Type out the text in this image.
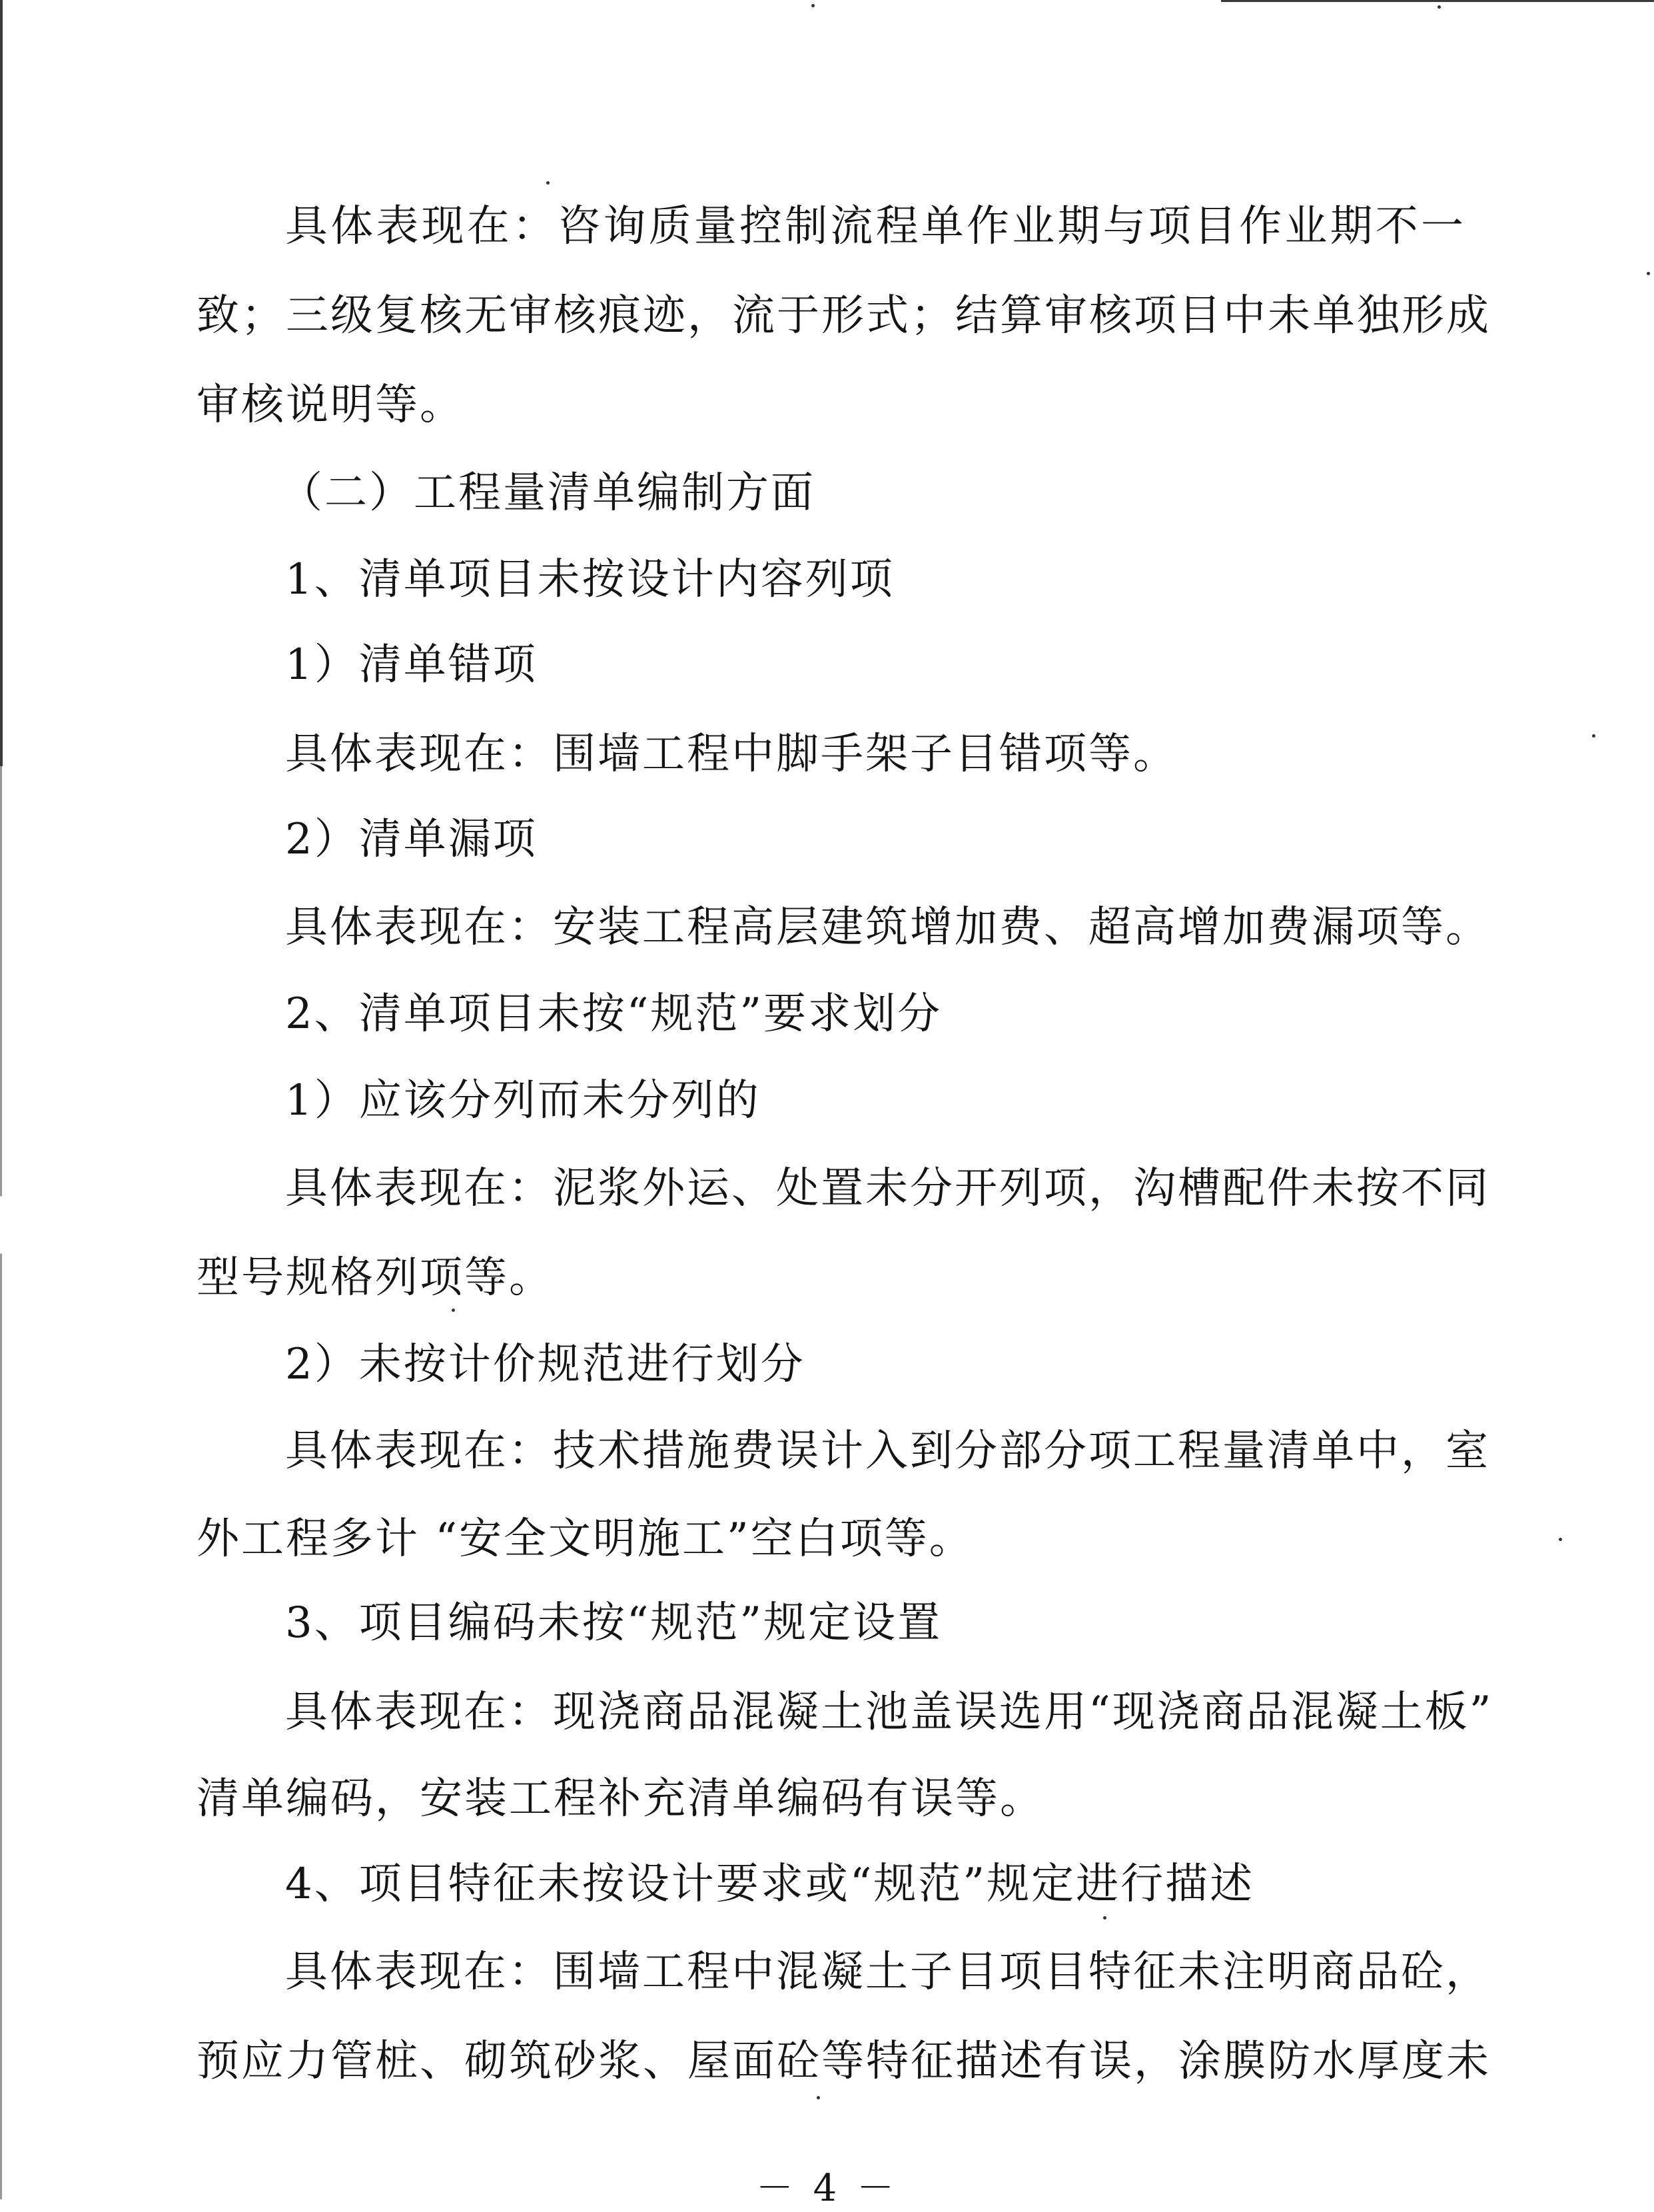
具体表现在：咨询质量控制流程单作业期与项目作业期不一
致；三级复核无审核痕迹，流于形式；结算审核项目中未单独形成
审核说明等。
（二）工程量清单编制方面
1、清单项目未按设计内容列项
1）清单错项
具体表现在：围墙工程中脚手架子目错项等。
2）清单漏项
具体表现在：安装工程高层建筑增加费、超高增加费漏项等。
2、清单项目未按“规范”要求划分
1）应该分列而未分列的
具体表现在：泥浆外运、处置未分开列项，沟槽配件未按不同
型号规格列项等。
2）未按计价规范进行划分
具体表现在：技术措施费误计入到分部分项工程量清单中，室
外工程多计 “安全文明施工”空白项等。
3、项目编码未按“规范”规定设置
具体表现在：现浇商品混凝土池盖误选用“现浇商品混凝土板”
清单编码，安装工程补充清单编码有误等。
4、项目特征未按设计要求或“规范”规定进行描述
具体表现在：围墙工程中混凝土子目项目特征未注明商品砼，
预应力管桩、砌筑砂浆、屋面砼等特征描述有误，涂膜防水厚度未
－ 4 －
